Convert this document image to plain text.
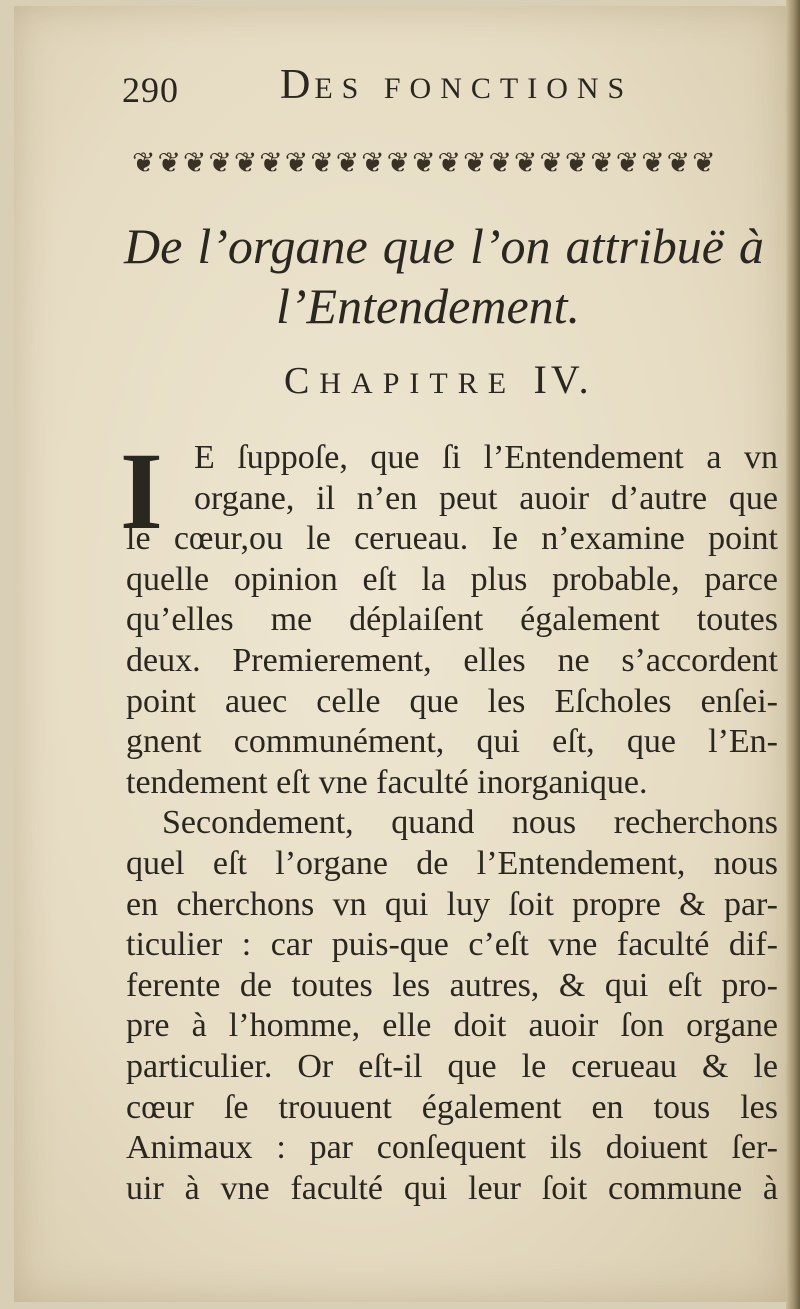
290 DES FONCTIONS
❦❦❦❦❦❦❦❦❦❦❦❦❦❦❦❦❦❦❦❦❦❦❦
De l’organe que l’on attribuë à
l’Entendement.
CHAPITRE IV.
I E ſuppoſe, que ſi l’Entendement a vn
organe, il n’en peut auoir d’autre que
le cœur,ou le cerueau. Ie n’examine point
quelle opinion eſt la plus probable, parce
qu’elles me déplaiſent également toutes
deux. Premierement, elles ne s’accordent
point auec celle que les Eſcholes enſei-
gnent communément, qui eſt, que l’En-
tendement eſt vne faculté inorganique.
Secondement, quand nous recherchons
quel eſt l’organe de l’Entendement, nous
en cherchons vn qui luy ſoit propre & par-
ticulier : car puis-que c’eſt vne faculté dif-
ferente de toutes les autres, & qui eſt pro-
pre à l’homme, elle doit auoir ſon organe
particulier. Or eſt-il que le cerueau & le
cœur ſe trouuent également en tous les
Animaux : par conſequent ils doiuent ſer-
uir à vne faculté qui leur ſoit commune à
